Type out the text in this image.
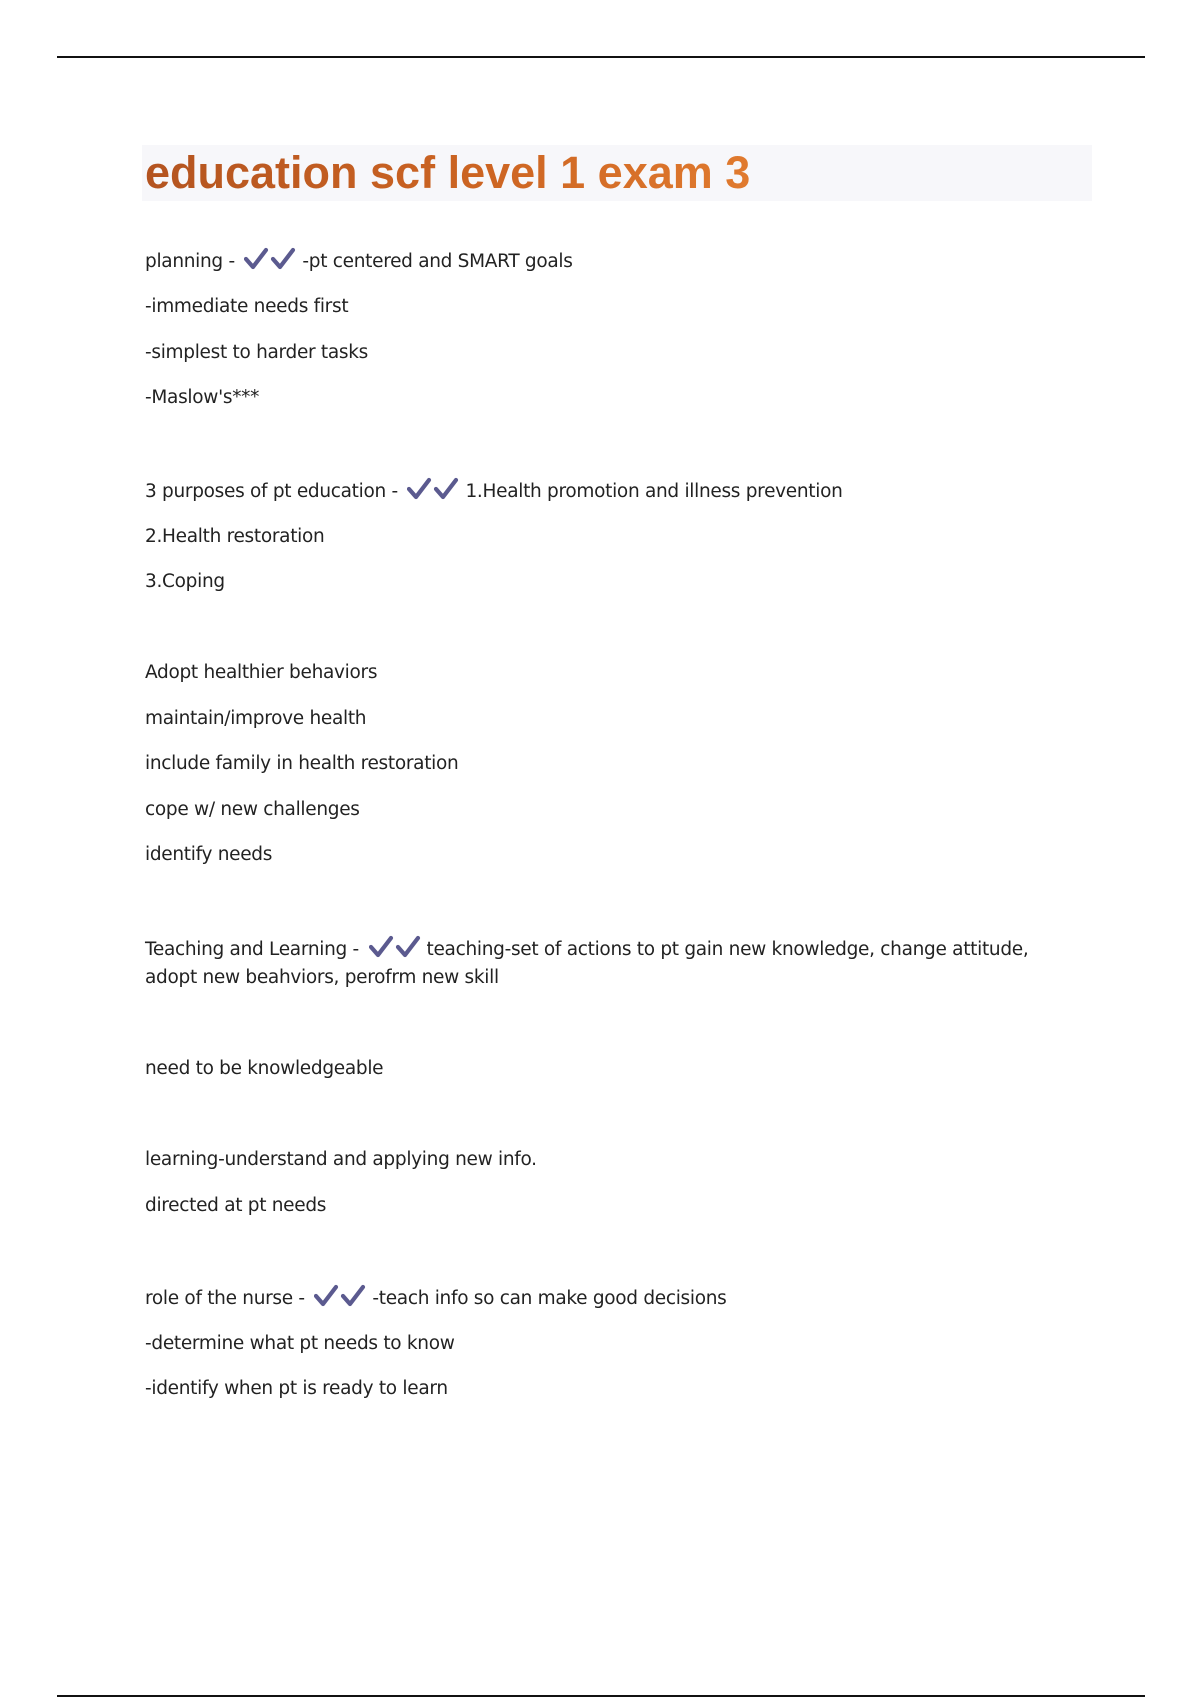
education scf level 1 exam 3

planning -	-pt centered and SMART goals

-immediate needs first

-simplest to harder tasks

-Maslow's***

3 purposes of pt education -	1.Health promotion and illness prevention

2.Health restoration

3.Coping

Adopt healthier behaviors

maintain/improve health

include family in health restoration

cope w/ new challenges

identify needs

Teaching and Learning -	teaching-set of actions to pt gain new knowledge, change attitude, adopt new beahviors, perofrm new skill

need to be knowledgeable

learning-understand and applying new info.

directed at pt needs

role of the nurse -	-teach info so can make good decisions

-determine what pt needs to know

-identify when pt is ready to learn
